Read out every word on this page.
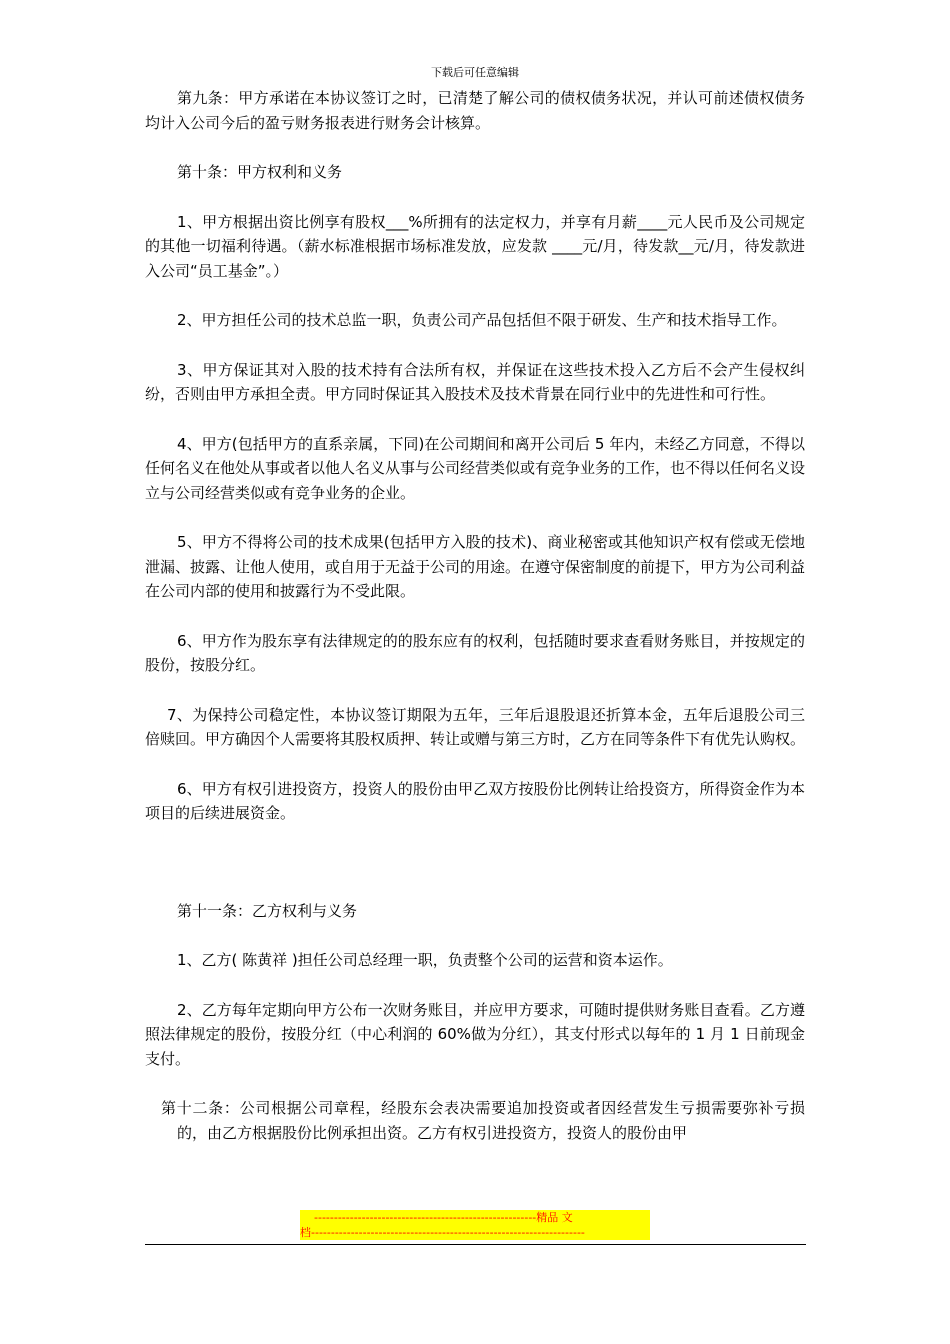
下载后可任意编辑

第九条：甲方承诺在本协议签订之时，已清楚了解公司的债权债务状况，并认可前述债权债务均计入公司今后的盈亏财务报表进行财务会计核算。

第十条：甲方权利和义务

1、甲方根据出资比例享有股权___%所拥有的法定权力，并享有月薪____元人民币及公司规定的其他一切福利待遇。（薪水标准根据市场标准发放，应发款 ____元/月，待发款__元/月，待发款进入公司“员工基金”。）

2、甲方担任公司的技术总监一职，负责公司产品包括但不限于研发、生产和技术指导工作。

3、甲方保证其对入股的技术持有合法所有权，并保证在这些技术投入乙方后不会产生侵权纠纷，否则由甲方承担全责。甲方同时保证其入股技术及技术背景在同行业中的先进性和可行性。

4、甲方(包括甲方的直系亲属，下同)在公司期间和离开公司后 5 年内，未经乙方同意，不得以任何名义在他处从事或者以他人名义从事与公司经营类似或有竞争业务的工作，也不得以任何名义设立与公司经营类似或有竞争业务的企业。

5、甲方不得将公司的技术成果(包括甲方入股的技术)、商业秘密或其他知识产权有偿或无偿地泄漏、披露、让他人使用，或自用于无益于公司的用途。在遵守保密制度的前提下，甲方为公司利益在公司内部的使用和披露行为不受此限。

6、甲方作为股东享有法律规定的的股东应有的权利，包括随时要求查看财务账目，并按规定的股份，按股分红。

7、为保持公司稳定性，本协议签订期限为五年，三年后退股退还折算本金，五年后退股公司三倍赎回。甲方确因个人需要将其股权质押、转让或赠与第三方时，乙方在同等条件下有优先认购权。

6、甲方有权引进投资方，投资人的股份由甲乙双方按股份比例转让给投资方，所得资金作为本项目的后续进展资金。

第十一条：乙方权利与义务

1、乙方( 陈黄祥 )担任公司总经理一职，负责整个公司的运营和资本运作。

2、乙方每年定期向甲方公布一次财务账目，并应甲方要求，可随时提供财务账目查看。乙方遵照法律规定的股份，按股分红（中心利润的 60%做为分红），其支付形式以每年的 1 月 1 日前现金支付。

第十二条：公司根据公司章程，经股东会表决需要追加投资或者因经营发生亏损需要弥补亏损的，由乙方根据股份比例承担出资。乙方有权引进投资方，投资人的股份由甲

--------------------------------------------------------精品 文
档---------------------------------------------------------------------
